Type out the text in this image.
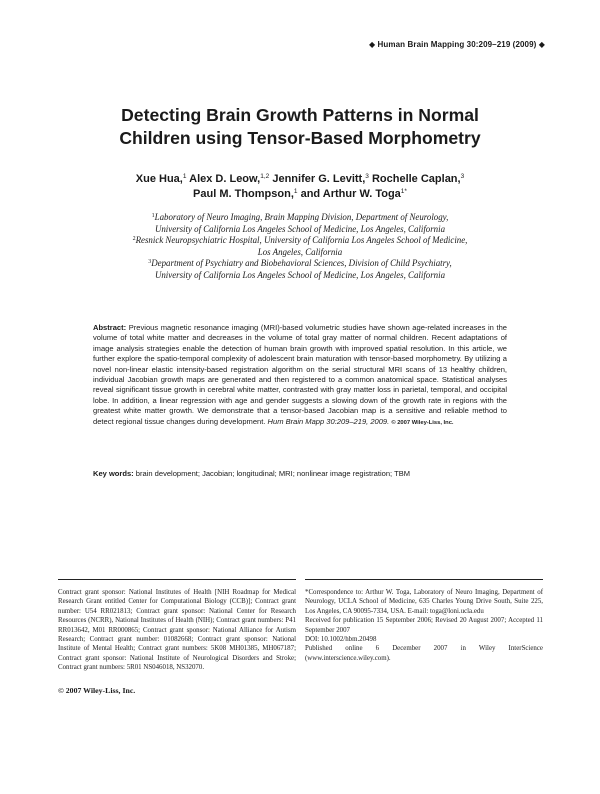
◆ Human Brain Mapping 30:209–219 (2009) ◆
Detecting Brain Growth Patterns in Normal
Children using Tensor-Based Morphometry
Xue Hua,$^1$ Alex D. Leow,$^{1,2}$ Jennifer G. Levitt,$^3$ Rochelle Caplan,$^3$
Paul M. Thompson,$^1$ and Arthur W. Toga$^{1*}$
$^1$Laboratory of Neuro Imaging, Brain Mapping Division, Department of Neurology,
University of California Los Angeles School of Medicine, Los Angeles, California
$^2$Resnick Neuropsychiatric Hospital, University of California Los Angeles School of Medicine,
Los Angeles, California
$^3$Department of Psychiatry and Biobehavioral Sciences, Division of Child Psychiatry,
University of California Los Angeles School of Medicine, Los Angeles, California
Abstract: Previous magnetic resonance imaging (MRI)-based volumetric studies have shown age-related increases in the volume of total white matter and decreases in the volume of total gray matter of normal children. Recent adaptations of image analysis strategies enable the detection of human brain growth with improved spatial resolution. In this article, we further explore the spatio-temporal complexity of adolescent brain maturation with tensor-based morphometry. By utilizing a novel non-linear elastic intensity-based registration algorithm on the serial structural MRI scans of 13 healthy children, individual Jacobian growth maps are generated and then registered to a common anatomical space. Statistical analyses reveal significant tissue growth in cerebral white matter, contrasted with gray matter loss in parietal, temporal, and occipital lobe. In addition, a linear regression with age and gender suggests a slowing down of the growth rate in regions with the greatest white matter growth. We demonstrate that a tensor-based Jacobian map is a sensitive and reliable method to detect regional tissue changes during development. Hum Brain Mapp 30:209–219, 2009. © 2007 Wiley-Liss, Inc.
Key words: brain development; Jacobian; longitudinal; MRI; nonlinear image registration; TBM

Contract grant sponsor: National Institutes of Health [NIH Roadmap for Medical Research Grant entitled Center for Computational Biology (CCB)]; Contract grant number: U54 RR021813; Contract grant sponsor: National Center for Research Resources (NCRR), National Institutes of Health (NIH); Contract grant numbers: P41 RR013642, M01 RR000865; Contract grant sponsor: National Alliance for Autism Research; Contract grant number: 01082668; Contract grant sponsor: National Institute of Mental Health; Contract grant numbers: 5K08 MH01385, MH067187; Contract grant sponsor: National Institute of Neurological Disorders and Stroke; Contract grant numbers: 5R01 NS046018, NS32070.

*Correspondence to: Arthur W. Toga, Laboratory of Neuro Imaging, Department of Neurology, UCLA School of Medicine, 635 Charles Young Drive South, Suite 225, Los Angeles, CA 90095-7334, USA. E-mail: toga@loni.ucla.edu

Received for publication 15 September 2006; Revised 20 August 2007; Accepted 11 September 2007

DOI: 10.1002/hbm.20498

Published online 6 December 2007 in Wiley InterScience (www.interscience.wiley.com).

© 2007 Wiley-Liss, Inc.
